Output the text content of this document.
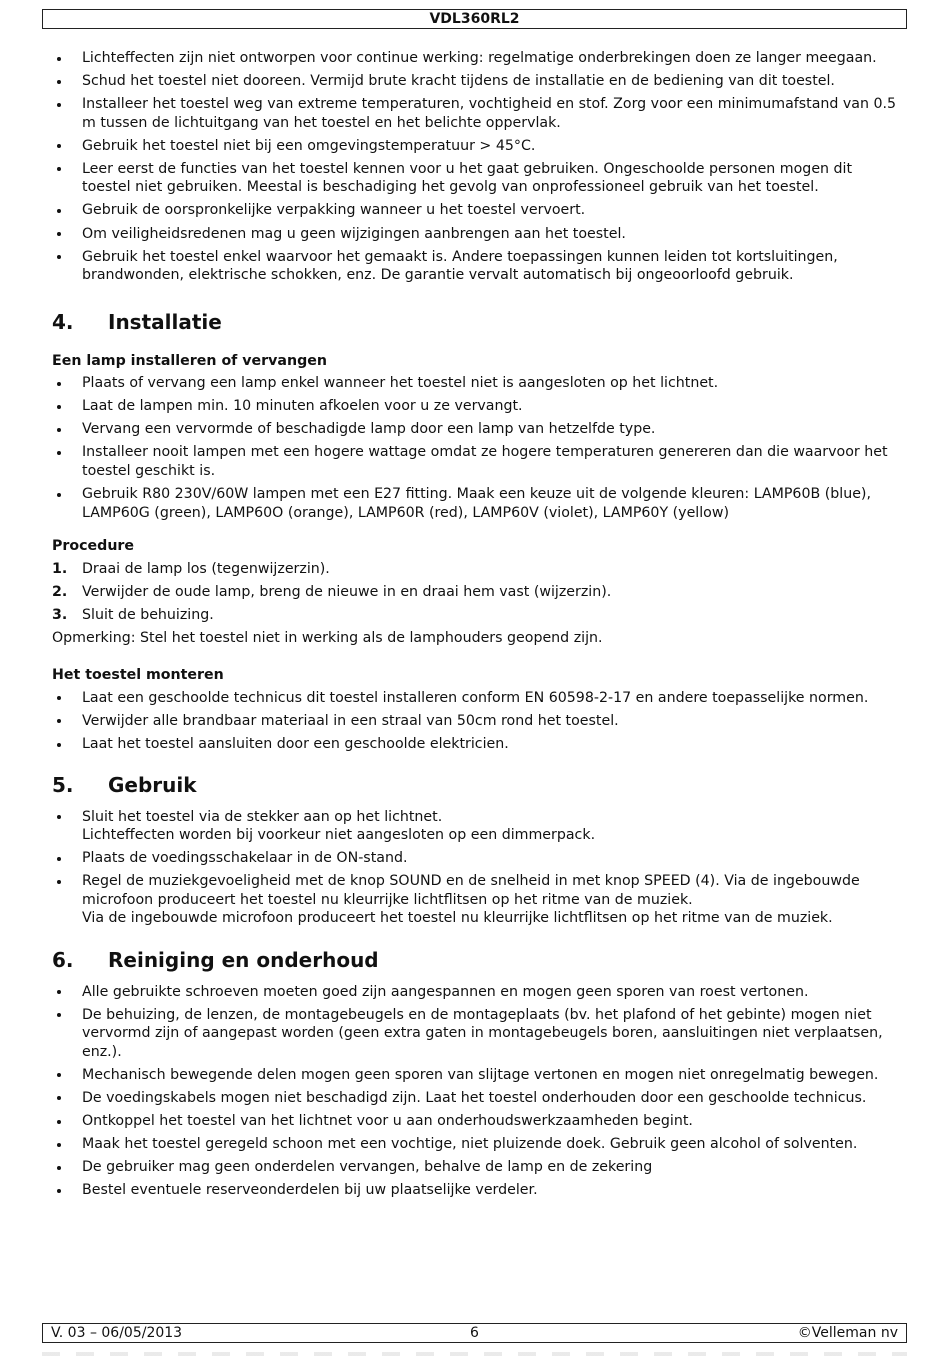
VDL360RL2
Lichteffecten zijn niet ontworpen voor continue werking: regelmatige onderbrekingen doen ze langer meegaan.
Schud het toestel niet dooreen. Vermijd brute kracht tijdens de installatie en de bediening van dit toestel.
Installeer het toestel weg van extreme temperaturen, vochtigheid en stof. Zorg voor een minimumafstand van 0.5 m tussen de lichtuitgang van het toestel en het belichte oppervlak.
Gebruik het toestel niet bij een omgevingstemperatuur > 45°C.
Leer eerst de functies van het toestel kennen voor u het gaat gebruiken. Ongeschoolde personen mogen dit toestel niet gebruiken. Meestal is beschadiging het gevolg van onprofessioneel gebruik van het toestel.
Gebruik de oorspronkelijke verpakking wanneer u het toestel vervoert.
Om veiligheidsredenen mag u geen wijzigingen aanbrengen aan het toestel.
Gebruik het toestel enkel waarvoor het gemaakt is. Andere toepassingen kunnen leiden tot kortsluitingen, brandwonden, elektrische schokken, enz. De garantie vervalt automatisch bij ongeoorloofd gebruik.
4. Installatie

Een lamp installeren of vervangen

Plaats of vervang een lamp enkel wanneer het toestel niet is aangesloten op het lichtnet.
Laat de lampen min. 10 minuten afkoelen voor u ze vervangt.
Vervang een vervormde of beschadigde lamp door een lamp van hetzelfde type.
Installeer nooit lampen met een hogere wattage omdat ze hogere temperaturen genereren dan die waarvoor het toestel geschikt is.
Gebruik R80 230V/60W lampen met een E27 fitting. Maak een keuze uit de volgende kleuren: LAMP60B (blue), LAMP60G (green), LAMP60O (orange), LAMP60R (red), LAMP60V (violet), LAMP60Y (yellow)

Procedure

1. Draai de lamp los (tegenwijzerzin).
2. Verwijder de oude lamp, breng de nieuwe in en draai hem vast (wijzerzin).
3. Sluit de behuizing.

Opmerking: Stel het toestel niet in werking als de lamphouders geopend zijn.

Het toestel monteren

Laat een geschoolde technicus dit toestel installeren conform EN 60598-2-17 en andere toepasselijke normen.
Verwijder alle brandbaar materiaal in een straal van 50cm rond het toestel.
Laat het toestel aansluiten door een geschoolde elektricien.
5. Gebruik
Sluit het toestel via de stekker aan op het lichtnet.
Lichteffecten worden bij voorkeur niet aangesloten op een dimmerpack.
Plaats de voedingsschakelaar in de ON-stand.
Regel de muziekgevoeligheid met de knop SOUND en de snelheid in met knop SPEED (4). Via de ingebouwde microfoon produceert het toestel nu kleurrijke lichtflitsen op het ritme van de muziek.
Via de ingebouwde microfoon produceert het toestel nu kleurrijke lichtflitsen op het ritme van de muziek.
6. Reiniging en onderhoud
Alle gebruikte schroeven moeten goed zijn aangespannen en mogen geen sporen van roest vertonen.
De behuizing, de lenzen, de montagebeugels en de montageplaats (bv. het plafond of het gebinte) mogen niet vervormd zijn of aangepast worden (geen extra gaten in montagebeugels boren, aansluitingen niet verplaatsen, enz.).
Mechanisch bewegende delen mogen geen sporen van slijtage vertonen en mogen niet onregelmatig bewegen.
De voedingskabels mogen niet beschadigd zijn. Laat het toestel onderhouden door een geschoolde technicus.
Ontkoppel het toestel van het lichtnet voor u aan onderhoudswerkzaamheden begint.
Maak het toestel geregeld schoon met een vochtige, niet pluizende doek. Gebruik geen alcohol of solventen.
De gebruiker mag geen onderdelen vervangen, behalve de lamp en de zekering
Bestel eventuele reserveonderdelen bij uw plaatselijke verdeler.
V. 03 – 06/05/2013	6	©Velleman nv
